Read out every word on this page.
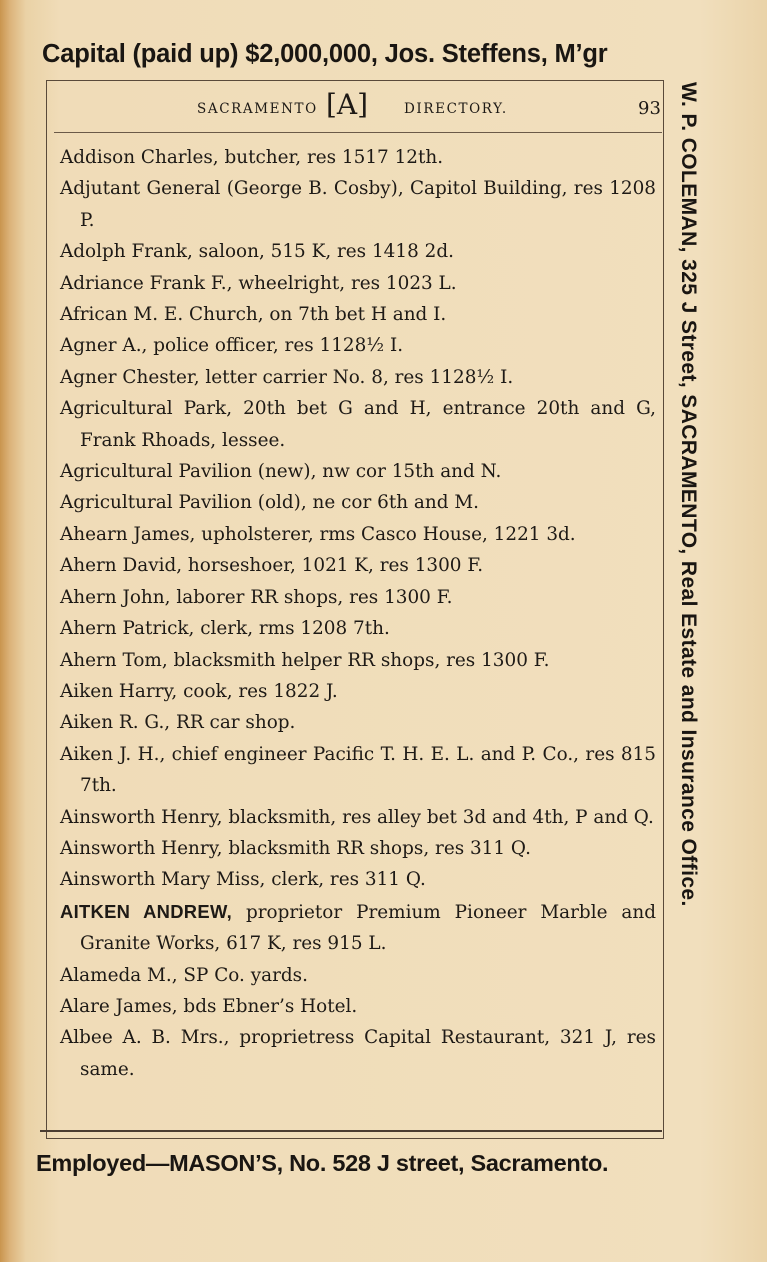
Capital (paid up) $2,000,000, Jos. Steffens, M’gr
SACRAMENTO [A]	DIRECTORY.	93
Addison Charles, butcher, res 1517 12th.
Adjutant General (George B. Cosby), Capitol Building, res 1208 P.
Adolph Frank, saloon, 515 K, res 1418 2d.
Adriance Frank F., wheelright, res 1023 L.
African M. E. Church, on 7th bet H and I.
Agner A., police officer, res 1128½ I.
Agner Chester, letter carrier No. 8, res 1128½ I.
Agricultural Park, 20th bet G and H, entrance 20th and G, Frank Rhoads, lessee.
Agricultural Pavilion (new), nw cor 15th and N.
Agricultural Pavilion (old), ne cor 6th and M.
Ahearn James, upholsterer, rms Casco House, 1221 3d.
Ahern David, horseshoer, 1021 K, res 1300 F.
Ahern John, laborer RR shops, res 1300 F.
Ahern Patrick, clerk, rms 1208 7th.
Ahern Tom, blacksmith helper RR shops, res 1300 F.
Aiken Harry, cook, res 1822 J.
Aiken R. G., RR car shop.
Aiken J. H., chief engineer Pacific T. H. E. L. and P. Co., res 815 7th.
Ainsworth Henry, blacksmith, res alley bet 3d and 4th, P and Q.
Ainsworth Henry, blacksmith RR shops, res 311 Q.
Ainsworth Mary Miss, clerk, res 311 Q.
AITKEN ANDREW, proprietor Premium Pioneer Marble and Granite Works, 617 K, res 915 L.
Alameda M., SP Co. yards.
Alare James, bds Ebner’s Hotel.
Albee A. B. Mrs., proprietress Capital Restaurant, 321 J, res same.
W. P. COLEMAN, 325 J Street, SACRAMENTO, Real Estate and Insurance Office.
Employed—MASON’S, No. 528 J street, Sacramento.
